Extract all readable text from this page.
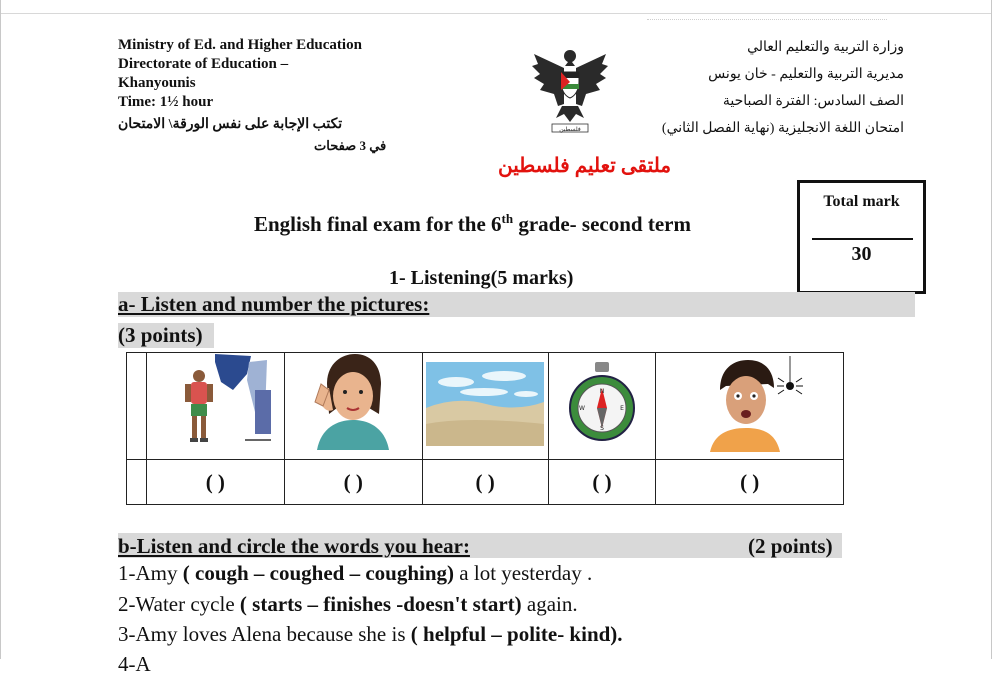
Ministry of Ed. and Higher Education
Directorate of Education –
Khanyounis
Time: 1½ hour
تكتب الإجابة على نفس الورقة\ الامتحان
في 3 صفحات
وزارة التربية والتعليم العالي
مديرية التربية والتعليم - خان يونس
الصف السادس: الفترة الصباحية
امتحان اللغة الانجليزية (نهاية الفصل الثاني)
فلسطين
ملتقى تعليم فلسطين
Total mark
30
English final exam for the 6th grade- second term
1- Listening(5 marks)
a- Listen and number the pictures:
(3 points)

N
S
W E

	( )	( )	( )	( )	( )
b-Listen and circle the words you hear:	(2 points)
1-Amy ( cough – coughed – coughing) a lot yesterday .
2-Water cycle ( starts – finishes -doesn't start) again.
3-Amy loves Alena because she is ( helpful – polite- kind).
4-A
